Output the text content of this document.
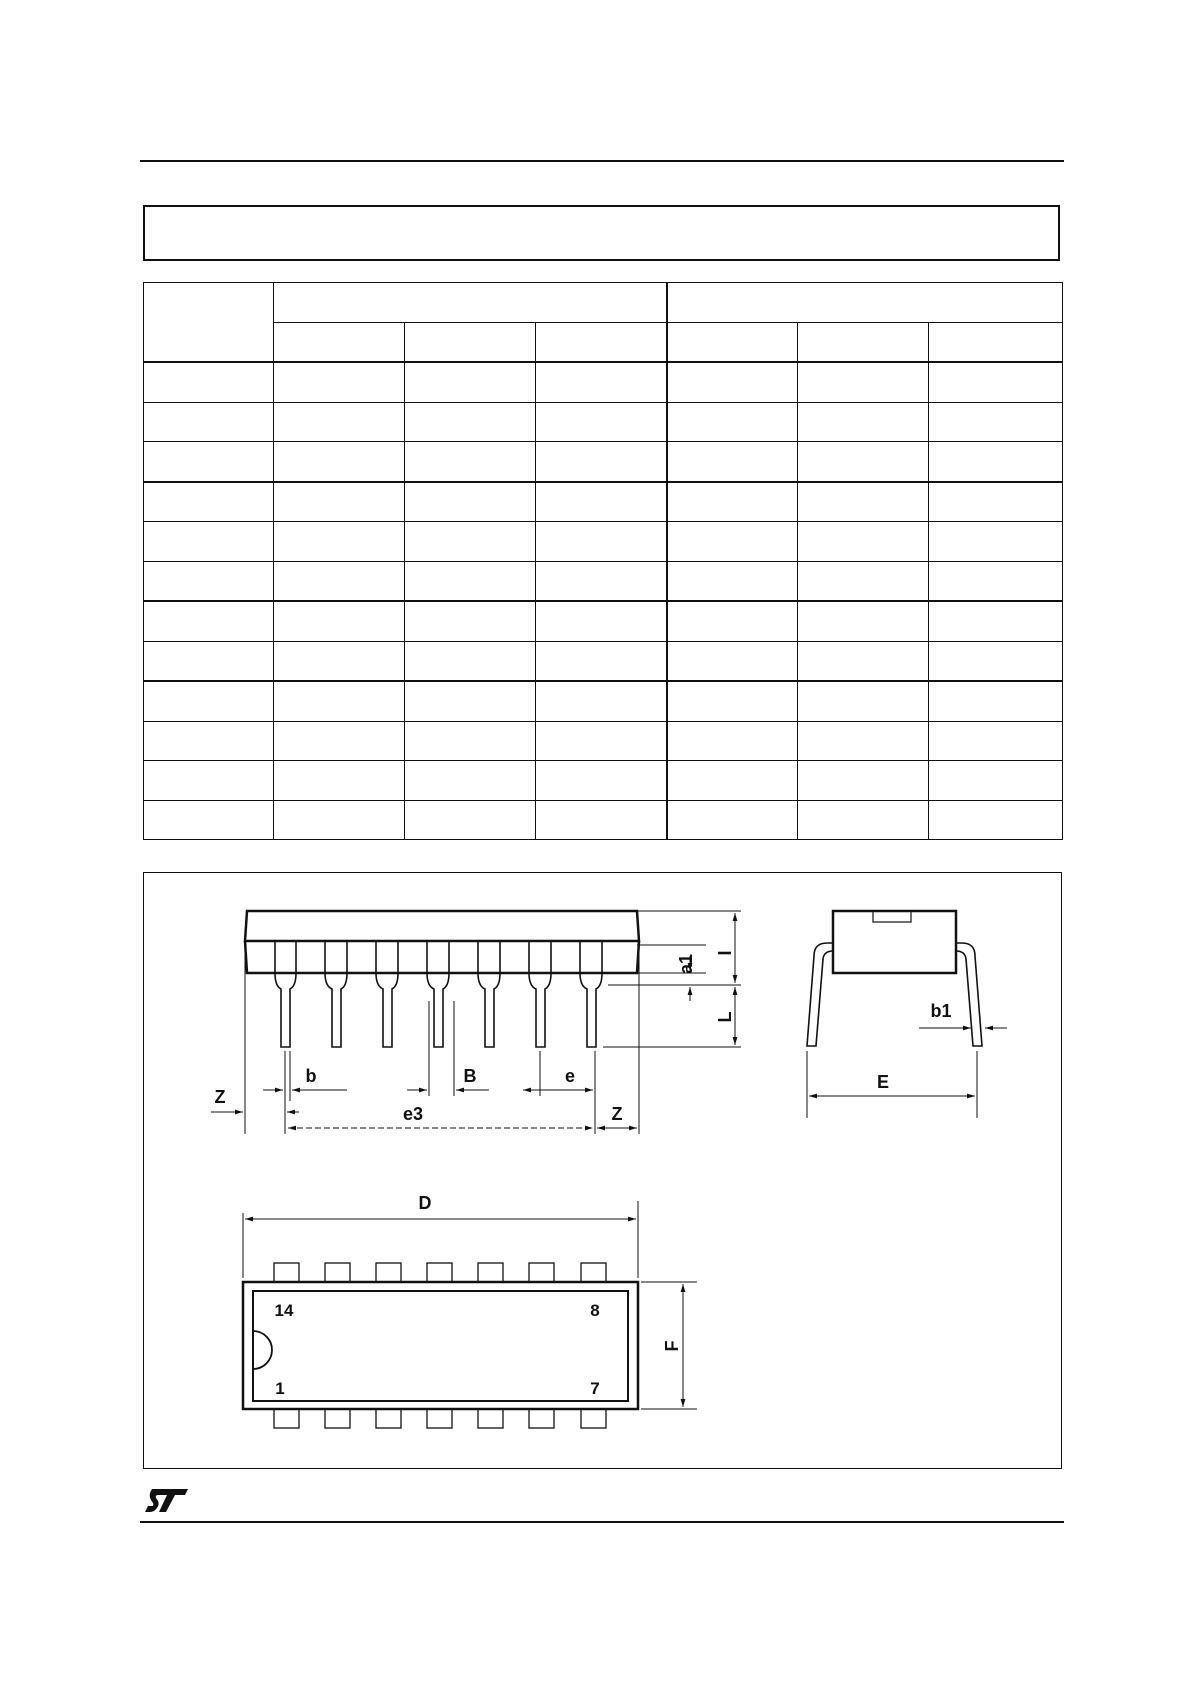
a1
I
L	b1
Z
b	B	e
e3	Z
E
D
F
14	8
1	7
